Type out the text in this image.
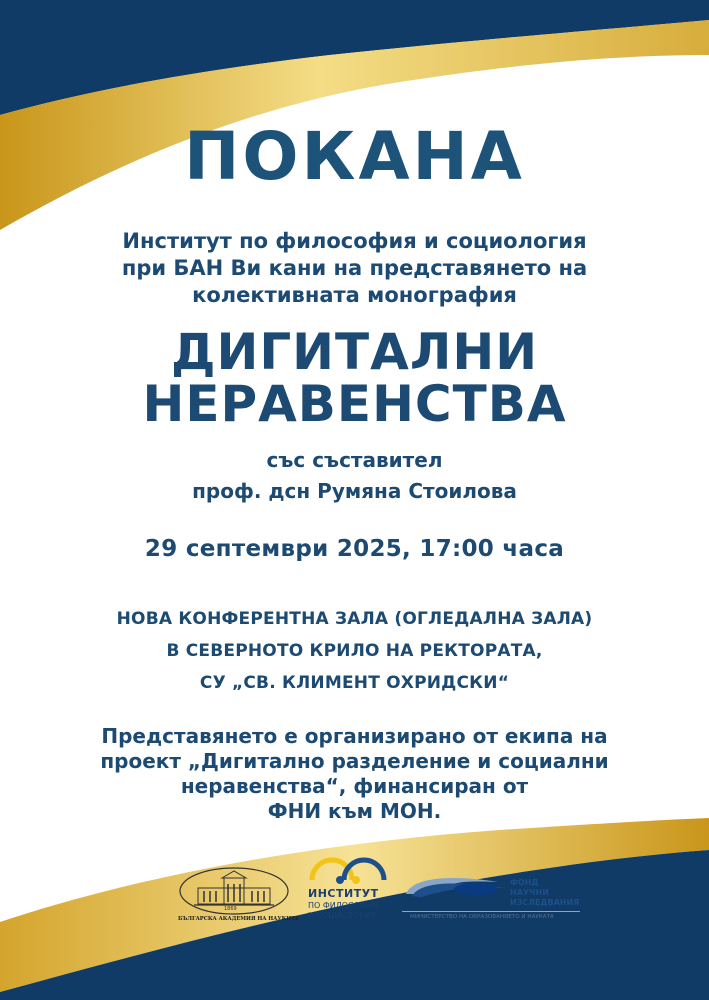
ПОКАНА

Институт по философия и социология
при БАН Ви кани на представянето на
колективната монография

ДИГИТАЛНИ
НЕРАВЕНСТВА

със съставител
проф. дсн Румяна Стоилова

29 септември 2025, 17:00 часа

НОВА КОНФЕРЕНТНА ЗАЛА (ОГЛЕДАЛНА ЗАЛА)
В СЕВЕРНОТО КРИЛО НА РЕКТОРАТА,
СУ „СВ. КЛИМЕНТ ОХРИДСКИ“

Представянето е организирано от екипа на
проект „Дигитално разделение и социални
неравенства“, финансиран от
ФНИ към МОН.

1869
БЪЛГАРСКА АКАДЕМИЯ НА НАУКИТЕ
ИНСТИТУТ
ПО ФИЛОСОФИЯ
И СОЦИОЛОГИЯ
ФОНД
НАУЧНИ
ИЗСЛЕДВАНИЯ
МИНИСТЕРСТВО НА ОБРАЗОВАНИЕТО И НАУКАТА
